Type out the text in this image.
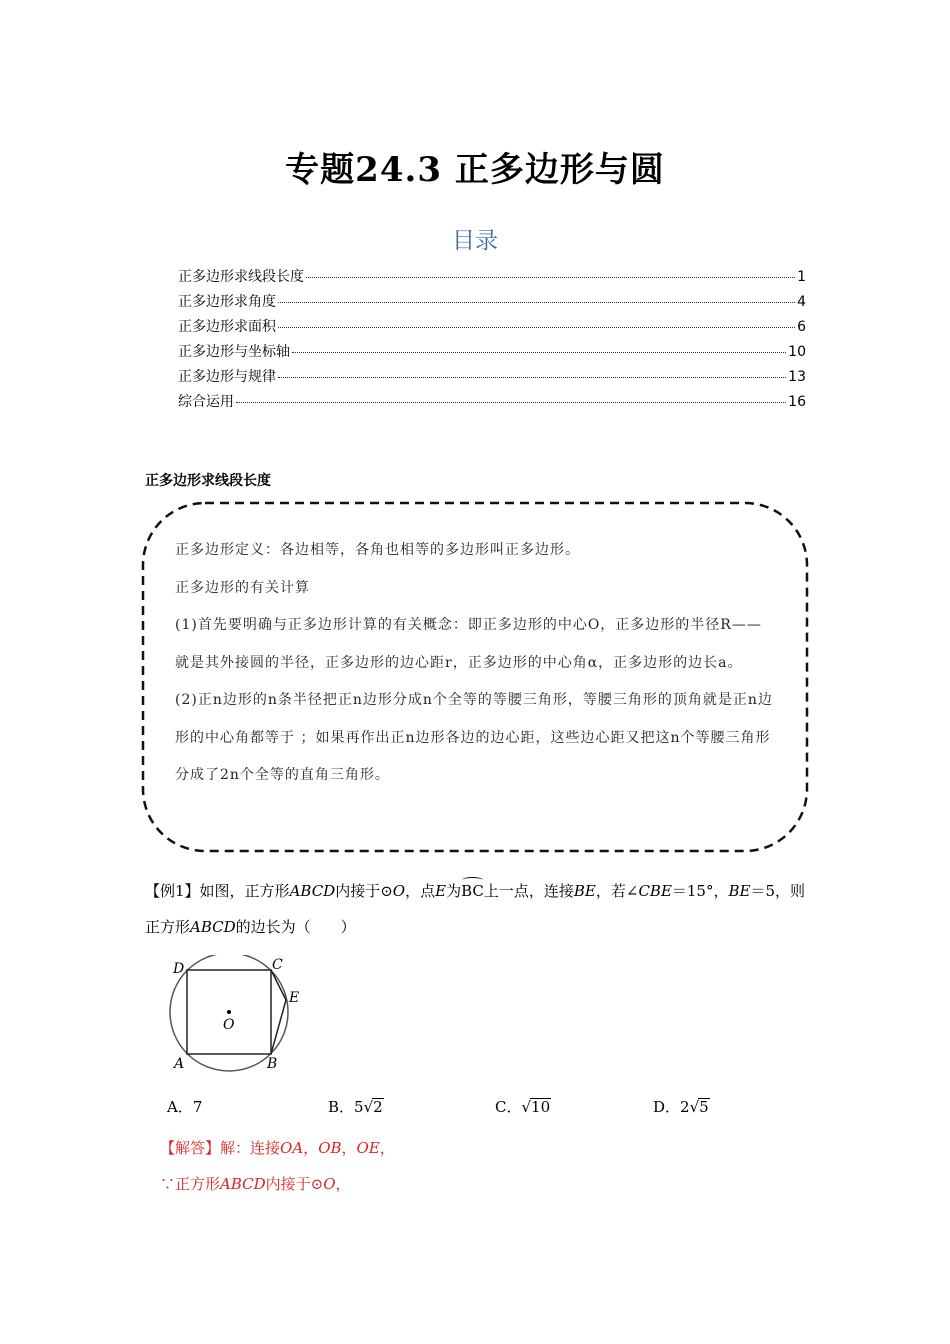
专题24.3 正多边形与圆
目录
正多边形求线段长度	1
正多边形求角度	4
正多边形求面积	6
正多边形与坐标轴	10
正多边形与规律	13
综合运用	16
正多边形求线段长度

正多边形定义：各边相等，各角也相等的多边形叫正多边形。

正多边形的有关计算

(1)首先要明确与正多边形计算的有关概念：即正多边形的中心O，正多边形的半径R——就是其外接圆的半径，正多边形的边心距r，正多边形的中心角α，正多边形的边长a。

(2)正n边形的n条半径把正n边形分成n个全等的等腰三角形，等腰三角形的顶角就是正n边形的中心角都等于 ；如果再作出正n边形各边的边心距，这些边心距又把这n个等腰三角形分成了2n个全等的直角三角形。

【例1】如图，正方形ABCD内接于⊙O，点E为BC上一点，连接BE，若∠CBE＝15°，BE＝5，则正方形ABCD的边长为（　　）
D	C
E
O
A	B
A．7	B．5√2	C．√10	D．2√5
【解答】解：连接OA，OB，OE，
∵正方形ABCD内接于⊙O，
